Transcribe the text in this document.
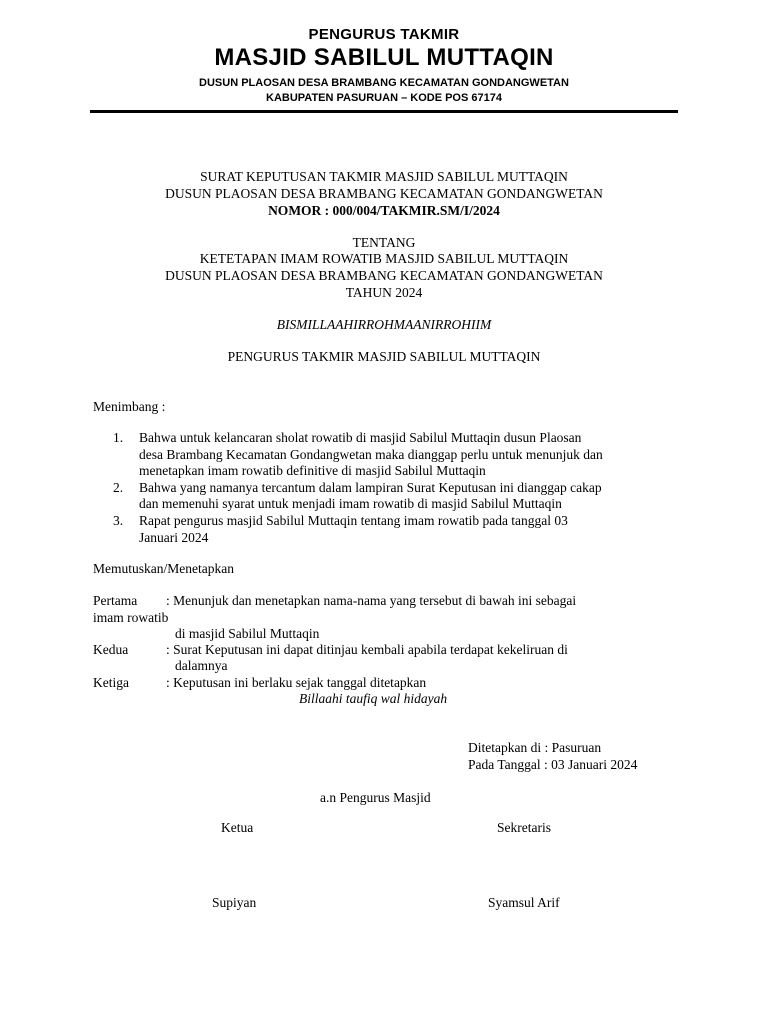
PENGURUS TAKMIR
MASJID SABILUL MUTTAQIN
DUSUN PLAOSAN DESA BRAMBANG KECAMATAN GONDANGWETAN
KABUPATEN PASURUAN – KODE POS 67174
SURAT KEPUTUSAN TAKMIR MASJID SABILUL MUTTAQIN
DUSUN PLAOSAN DESA BRAMBANG KECAMATAN GONDANGWETAN
NOMOR : 000/004/TAKMIR.SM/I/2024
TENTANG
KETETAPAN IMAM ROWATIB MASJID SABILUL MUTTAQIN
DUSUN PLAOSAN DESA BRAMBANG KECAMATAN GONDANGWETAN
TAHUN 2024
BISMILLAAHIRROHMAANIRROHIIM
PENGURUS TAKMIR MASJID SABILUL MUTTAQIN
Menimbang :
1. Bahwa untuk kelancaran sholat rowatib di masjid Sabilul Muttaqin dusun Plaosan
desa Brambang Kecamatan Gondangwetan maka dianggap perlu untuk menunjuk dan
menetapkan imam rowatib definitive di masjid Sabilul Muttaqin
2. Bahwa yang namanya tercantum dalam lampiran Surat Keputusan ini dianggap cakap
dan memenuhi syarat untuk menjadi imam rowatib di masjid Sabilul Muttaqin
3. Rapat pengurus masjid Sabilul Muttaqin tentang imam rowatib pada tanggal 03
Januari 2024
Memutuskan/Menetapkan
Pertama : Menunjuk dan menetapkan nama-nama yang tersebut di bawah ini sebagai
imam rowatib
di masjid Sabilul Muttaqin
Kedua	: Surat Keputusan ini dapat ditinjau kembali apabila terdapat kekeliruan di
dalamnya
Ketiga	: Keputusan ini berlaku sejak tanggal ditetapkan
Billaahi taufiq wal hidayah
Ditetapkan di : Pasuruan
Pada Tanggal : 03 Januari 2024
a.n Pengurus Masjid
Ketua	Sekretaris
Supiyan	Syamsul Arif
